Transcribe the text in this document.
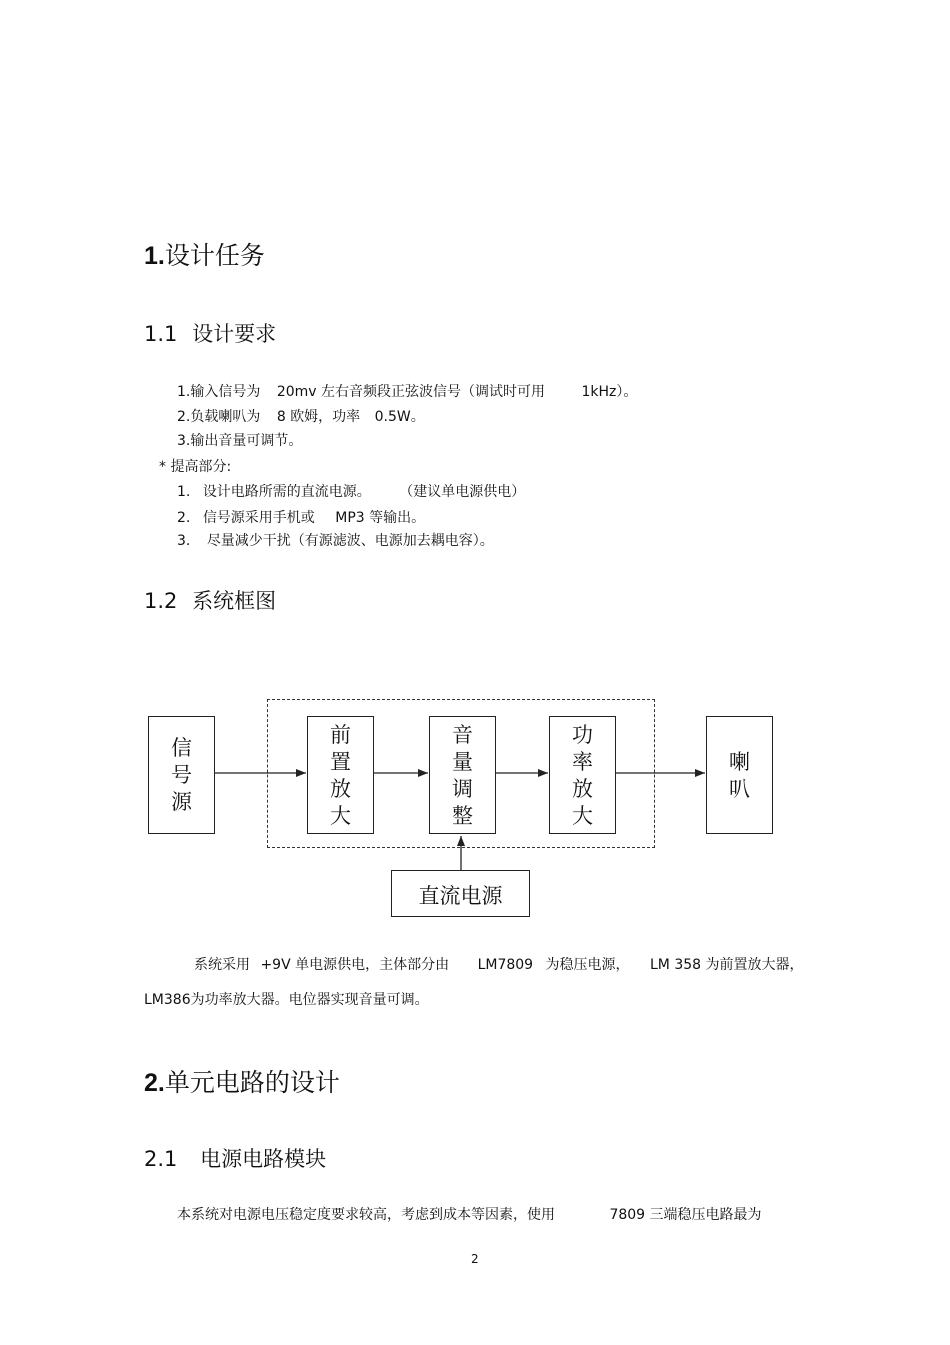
1.设计任务
1.1 设计要求
1.输入信号为 20mv 左右音频段正弦波信号（调试时可用	1kHz）。
2.负载喇叭为 8 欧姆，功率 0.5W。
3.输出音量可调节。
* 提高部分:
1. 设计电路所需的直流电源。 （建议单电源供电）
2. 信号源采用手机或 MP3 等输出。
3. 尽量减少干扰（有源滤波、电源加去耦电容）。
1.2 系统框图
信
号
源
前
置
放
大
音
量
调
整
功
率
放
大
喇
叭
直流电源
系统采用 +9V 单电源供电，主体部分由 LM7809 为稳压电源， LM 358 为前置放大器，
LM386为功率放大器。电位器实现音量可调。
2.单元电路的设计
2.1 电源电路模块
本系统对电源电压稳定度要求较高，考虑到成本等因素，使用	7809 三端稳压电路最为
2
